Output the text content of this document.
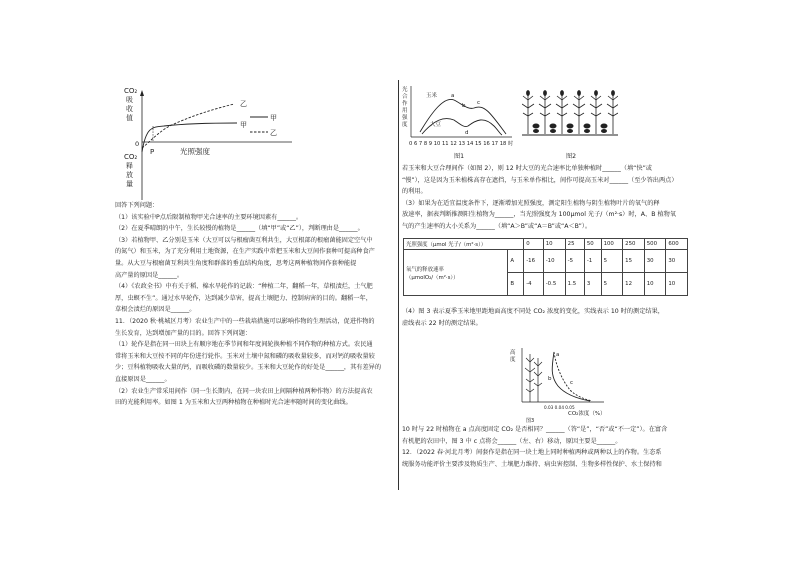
CO₂
吸
收
值
0
CO₂
释
放
量
P	光照强度
乙
甲
甲
乙
回答下列问题：
（1）该实验中P点后限制植物甲光合速率的主要环境因素有______。
（2）在夏季晴朗的中午，生长较慢的植物是______（填“甲”或“乙”），判断理由是______。
（3）若植物甲、乙分别是玉米（大豆可以与根瘤菌互利共生，大豆根部的根瘤菌能固定空气中
的氮气）和玉米，为了充分利用土地资源，在生产实践中常把玉米和大豆间作套种可提高种食产
量。从大豆与根瘤菌互利共生角度和群落的垂直结构角度，思考这两种植物间作套种能提
高产量的原因是______。
（4）《农政全书》中有关于稻、棉水旱轮作的记载：“种植二年，翻稻一年，草根渍烂，土气肥
厚，虫螟不生”。通过水旱轮作，达到减少草害，提高土壤肥力、控制病害的目的。翻稻一年，
草根会渍烂的原因是______。
11．（2020 秋·桃城区月考）农业生产中的一些栽培措施可以影响作物的生理活动，促进作物的
生长发育，达到增加产量的目的。回答下列问题：
（1）轮作是指在同一田块上有顺序地在季节间和年度间轮换种植不同作物的种植方式。农民通
常将玉米和大豆按不同的年份进行轮作。玉米对土壤中氮和磷的吸收量较多，而对钙的吸收量较
少；豆科植物吸收大量的钙，而吸收磷的数量较少。玉米和大豆轮作的好处是______，其有差异的
直接原因是______。
（2）农业生产常采用间作（同一生长期内，在同一块农田上间隔种植两种作物）的方法提高农
田的光能利用率。如图 1 为玉米和大豆两种植物在种植时光合速率随时间的变化曲线。
光
合
作
用
强
度
玉米
大豆
a
b c
d
0 6 7 8 9 10 11 12 13 14 15 16 17 18 时
图1	图2
若玉米和大豆合理间作（如图 2），则 12 时大豆的光合速率比单独种植时______（填“快”或
“慢”），这是因为玉米植株高存在遮挡，与玉米单作相比，间作可提高玉米对______（至少答出两点）
的利用。
（3）如果为在适宜温度条件下，逐渐增加光照强度，测定阳生植物与阴生植物叶片的氧气的释
放速率，据表判断推测阳生植物为______，当光照强度为 100μmol 光子/（m²·s）时，A、B 植物氧
气的产生速率的大小关系为______（填“A＞B”或“A＝B”或“A＜B”）。
光照强度（μmol 光子/（m²·s））		0	10	25	50	100	250	500	600

氧气的释放速率
（μmolO₂/（m²·s））	A	-16	-10	-5	-1	5	15	30	30
	B	-4	-0.5	1.5	3	5	12	10	10
（4）图 3 表示夏季玉米地里距地面高度不同处 CO₂ 浓度的变化，实线表示 10 时的测定结果，
虚线表示 22 时的测定结果。
高
度
a
b
c
0.03 0.04 0.05
CO₂浓度（%）
图3
10 时与 22 时植物在 a 点高度固定 CO₂ 是否相同？______（答“是”，“否”或“不一定”）。在富含
有机肥的农田中，图 3 中 c 点将会______（左、右）移动，原因主要是______。
12．（2022 春·河北月考）间套作是指在同一块土地上同时种植两种或两种以上的作物。生态系
统服务功能评价主要涉及物质生产、土壤肥力维持、病虫害控制、生物多样性保护、水土保持和
